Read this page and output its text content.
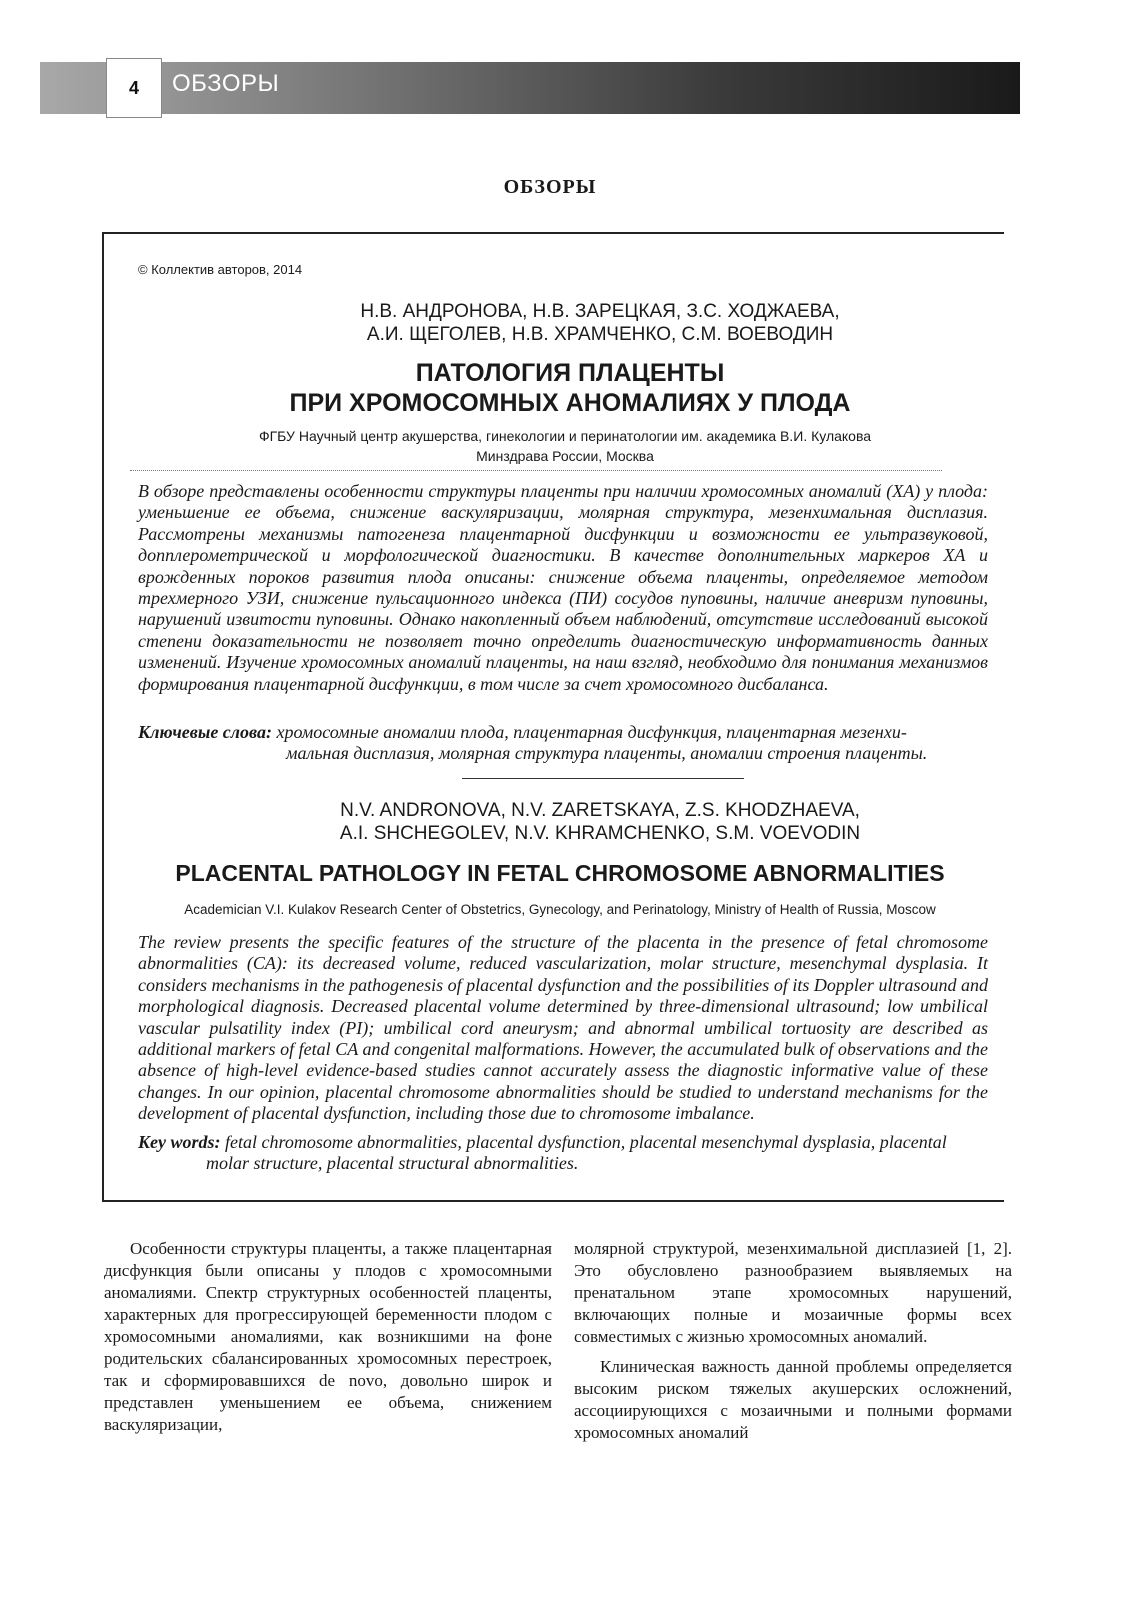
4	ОБЗОРЫ
ОБЗОРЫ
© Коллектив авторов, 2014
Н.В. АНДРОНОВА, Н.В. ЗАРЕЦКАЯ, З.С. ХОДЖАЕВА,
А.И. ЩЕГОЛЕВ, Н.В. ХРАМЧЕНКО, С.М. ВОЕВОДИН
ПАТОЛОГИЯ ПЛАЦЕНТЫ
ПРИ ХРОМОСОМНЫХ АНОМАЛИЯХ У ПЛОДА
ФГБУ Научный центр акушерства, гинекологии и перинатологии им. академика В.И. Кулакова
Минздрава России, Москва
В обзоре представлены особенности структуры плаценты при наличии хромосомных аномалий (ХА) у плода: уменьшение ее объема, снижение васкуляризации, молярная структура, мезенхимальная дисплазия. Рассмотрены механизмы патогенеза плацентарной дисфункции и возможности ее ультразвуковой, допплерометрической и морфологической диагностики. В качестве дополнительных маркеров ХА и врожденных пороков развития плода описаны: снижение объема плаценты, определяемое методом трехмерного УЗИ, снижение пульсационного индекса (ПИ) сосудов пуповины, наличие аневризм пуповины, нарушений извитости пуповины. Однако накопленный объем наблюдений, отсутствие исследований высокой степени доказательности не позволяет точно определить диагностическую информативность данных изменений. Изучение хромосомных аномалий плаценты, на наш взгляд, необходимо для понимания механизмов формирования плацентарной дисфункции, в том числе за счет хромосомного дисбаланса.
Ключевые слова: хромосомные аномалии плода, плацентарная дисфункция, плацентарная мезенхи-
мальная дисплазия, молярная структура плаценты, аномалии строения плаценты.
N.V. ANDRONOVA, N.V. ZARETSKAYA, Z.S. KHODZHAEVA,
A.I. SHCHEGOLEV, N.V. KHRAMCHENKO, S.M. VOEVODIN
PLACENTAL PATHOLOGY IN FETAL CHROMOSOME ABNORMALITIES
Academician V.I. Kulakov Research Center of Obstetrics, Gynecology, and Perinatology, Ministry of Health of Russia, Moscow
The review presents the specific features of the structure of the placenta in the presence of fetal chromosome abnormalities (CA): its decreased volume, reduced vascularization, molar structure, mesenchymal dysplasia. It considers mechanisms in the pathogenesis of placental dysfunction and the possibilities of its Doppler ultrasound and morphological diagnosis. Decreased placental volume determined by three-dimensional ultrasound; low umbilical vascular pulsatility index (PI); umbilical cord aneurysm; and abnormal umbilical tortuosity are described as additional markers of fetal CA and congenital malformations. However, the accumulated bulk of observations and the absence of high-level evidence-based studies cannot accurately assess the diagnostic informative value of these changes. In our opinion, placental chromosome abnormalities should be studied to understand mechanisms for the development of placental dysfunction, including those due to chromosome imbalance.
Key words: fetal chromosome abnormalities, placental dysfunction, placental mesenchymal dysplasia, placental
molar structure, placental structural abnormalities.

Особенности структуры плаценты, а также плацентарная дисфункция были описаны у плодов с хромосомными аномалиями. Спектр структурных особенностей плаценты, характерных для прогрессирующей беременности плодом с хромосомными аномалиями, как возникшими на фоне родительских сбалансированных хромосомных перестроек, так и сформировавшихся de novo, довольно широк и представлен уменьшением ее объема, снижением васкуляризации,

молярной структурой, мезенхимальной дисплазией [1, 2]. Это обусловлено разнообразием выявляемых на пренатальном этапе хромосомных нарушений, включающих полные и мозаичные формы всех совместимых с жизнью хромосомных аномалий.

Клиническая важность данной проблемы определяется высоким риском тяжелых акушерских осложнений, ассоциирующихся с мозаичными и полными формами хромосомных аномалий
